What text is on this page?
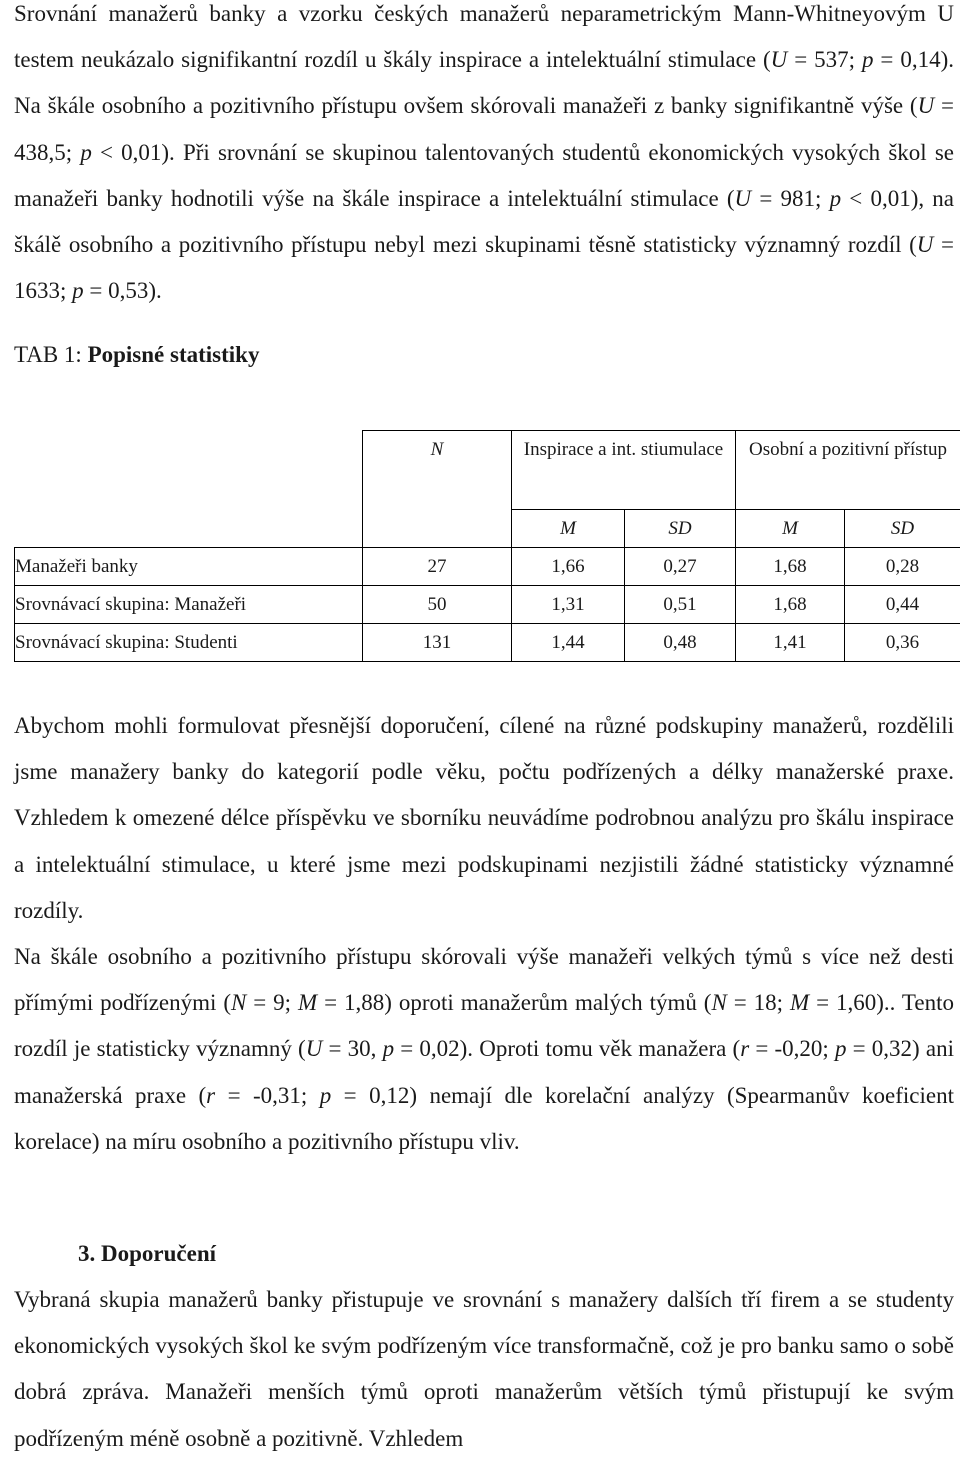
Srovnání manažerů banky a vzorku českých manažerů neparametrickým Mann-Whitneyovým U testem neukázalo signifikantní rozdíl u škály inspirace a intelektuální stimulace (U = 537; p = 0,14). Na škále osobního a pozitivního přístupu ovšem skórovali manažeři z banky signifikantně výše (U = 438,5; p < 0,01). Při srovnání se skupinou talentovaných studentů ekonomických vysokých škol se manažeři banky hodnotili výše na škále inspirace a intelektuální stimulace (U = 981; p < 0,01), na škálě osobního a pozitivního přístupu nebyl mezi skupinami těsně statisticky významný rozdíl (U = 1633; p = 0,53).

TAB 1: Popisné statistiky

	N	Inspirace a int. stiumulace		Osobní a pozitivní přístup	
		M	SD	M	SD
Manažeři banky	27	1,66	0,27	1,68	0,28
Srovnávací skupina: Manažeři	50	1,31	0,51	1,68	0,44
Srovnávací skupina: Studenti	131	1,44	0,48	1,41	0,36

Abychom mohli formulovat přesnější doporučení, cílené na různé podskupiny manažerů, rozdělili jsme manažery banky do kategorií podle věku, počtu podřízených a délky manažerské praxe. Vzhledem k omezené délce příspěvku ve sborníku neuvádíme podrobnou analýzu pro škálu inspirace a intelektuální stimulace, u které jsme mezi podskupinami nezjistili žádné statisticky významné rozdíly.

Na škále osobního a pozitivního přístupu skórovali výše manažeři velkých týmů s více než desti přímými podřízenými (N = 9; M = 1,88) oproti manažerům malých týmů (N = 18; M = 1,60).. Tento rozdíl je statisticky významný (U = 30, p = 0,02). Oproti tomu věk manažera (r = -0,20; p = 0,32) ani manažerská praxe (r = -0,31; p = 0,12) nemají dle korelační analýzy (Spearmanův koeficient korelace) na míru osobního a pozitivního přístupu vliv.

3. Doporučení

Vybraná skupia manažerů banky přistupuje ve srovnání s manažery dalších tří firem a se studenty ekonomických vysokých škol ke svým podřízeným více transformačně, což je pro banku samo o sobě dobrá zpráva. Manažeři menších týmů oproti manažerům větších týmů přistupují ke svým podřízeným méně osobně a pozitivně. Vzhledem
